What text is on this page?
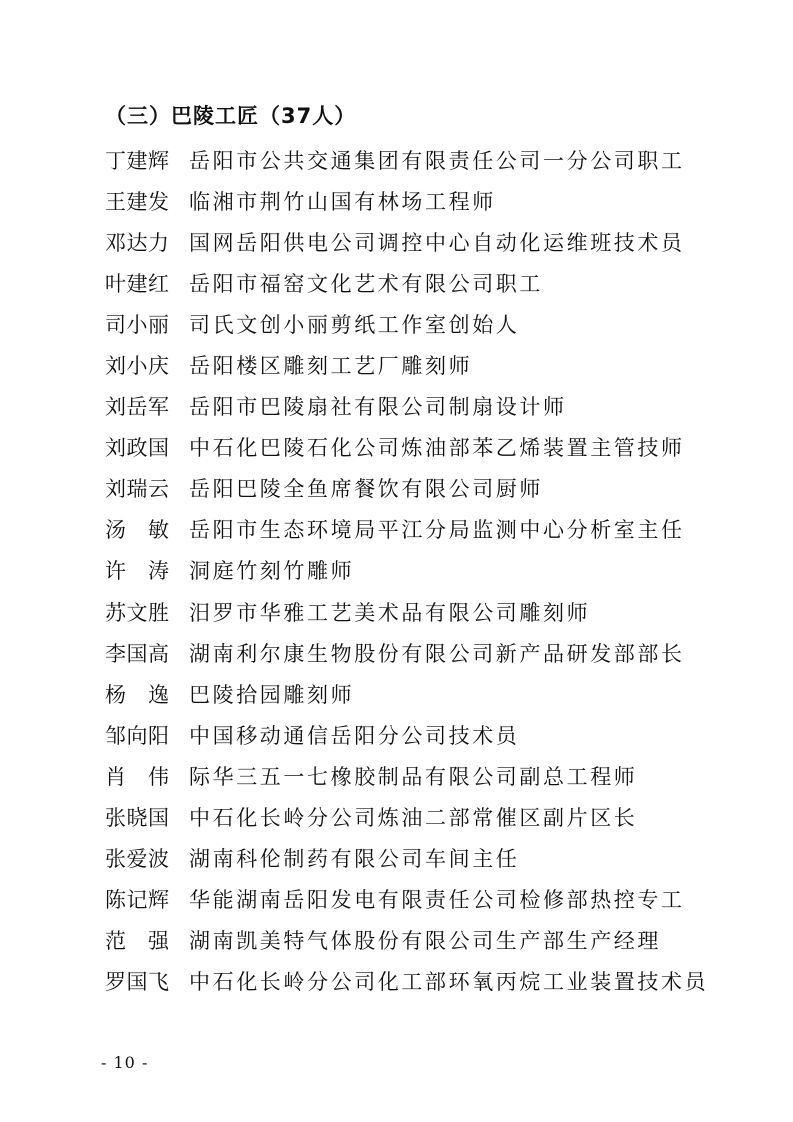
（三）巴陵工匠（37人）
丁建辉 岳阳市公共交通集团有限责任公司一分公司职工
王建发 临湘市荆竹山国有林场工程师
邓达力 国网岳阳供电公司调控中心自动化运维班技术员
叶建红 岳阳市福窑文化艺术有限公司职工
司小丽 司氏文创小丽剪纸工作室创始人
刘小庆 岳阳楼区雕刻工艺厂雕刻师
刘岳军 岳阳市巴陵扇社有限公司制扇设计师
刘政国 中石化巴陵石化公司炼油部苯乙烯装置主管技师
刘瑞云 岳阳巴陵全鱼席餐饮有限公司厨师
汤　敏 岳阳市生态环境局平江分局监测中心分析室主任
许　涛 洞庭竹刻竹雕师
苏文胜 汨罗市华雅工艺美术品有限公司雕刻师
李国高 湖南利尔康生物股份有限公司新产品研发部部长
杨　逸 巴陵拾园雕刻师
邹向阳 中国移动通信岳阳分公司技术员
肖　伟 际华三五一七橡胶制品有限公司副总工程师
张晓国 中石化长岭分公司炼油二部常催区副片区长
张爱波 湖南科伦制药有限公司车间主任
陈记辉 华能湖南岳阳发电有限责任公司检修部热控专工
范　强 湖南凯美特气体股份有限公司生产部生产经理
罗国飞 中石化长岭分公司化工部环氧丙烷工业装置技术员
- 10 -
